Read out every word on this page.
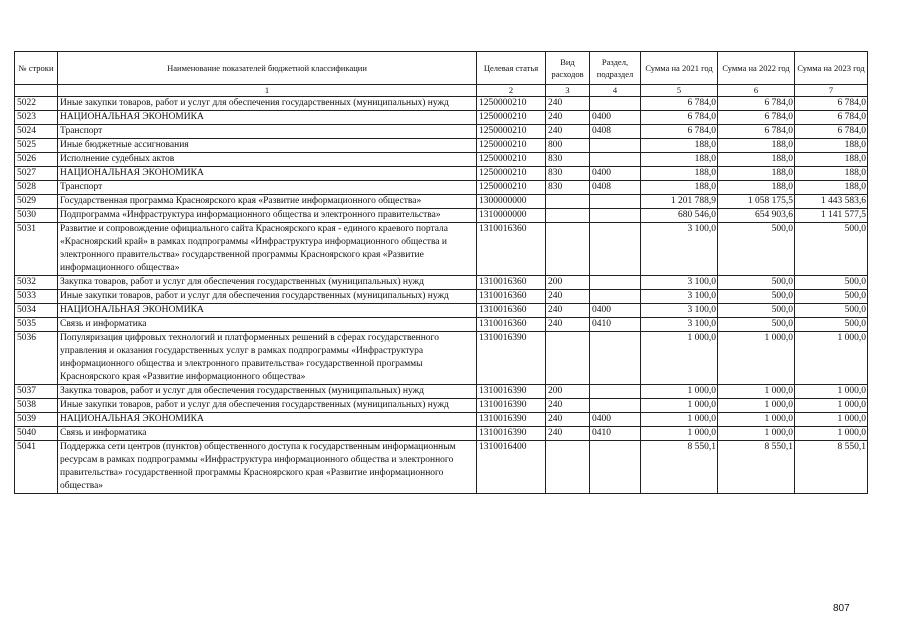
№ строки	Наименование показателей бюджетной классификации	Целевая статья	Вид расходов	Раздел, подраздел	Сумма на 2021 год	Сумма на 2022 год	Сумма на 2023 год
	1	2	3	4	5	6	7
5022	Иные закупки товаров, работ и услуг для обеспечения государственных (муниципальных) нужд	1250000210	240		6 784,0	6 784,0	6 784,0
5023	НАЦИОНАЛЬНАЯ ЭКОНОМИКА	1250000210	240	0400	6 784,0	6 784,0	6 784,0
5024	Транспорт	1250000210	240	0408	6 784,0	6 784,0	6 784,0
5025	Иные бюджетные ассигнования	1250000210	800		188,0	188,0	188,0
5026	Исполнение судебных актов	1250000210	830		188,0	188,0	188,0
5027	НАЦИОНАЛЬНАЯ ЭКОНОМИКА	1250000210	830	0400	188,0	188,0	188,0
5028	Транспорт	1250000210	830	0408	188,0	188,0	188,0
5029	Государственная программа Красноярского края «Развитие информационного общества»	1300000000			1 201 788,9	1 058 175,5	1 443 583,6
5030	Подпрограмма «Инфраструктура информационного общества и электронного правительства»	1310000000			680 546,0	654 903,6	1 141 577,5
5031	Развитие и сопровождение официального сайта Красноярского края - единого краевого портала «Красноярский край» в рамках подпрограммы «Инфраструктура информационного общества и электронного правительства» государственной программы Красноярского края «Развитие информационного общества»	1310016360			3 100,0	500,0	500,0
5032	Закупка товаров, работ и услуг для обеспечения государственных (муниципальных) нужд	1310016360	200		3 100,0	500,0	500,0
5033	Иные закупки товаров, работ и услуг для обеспечения государственных (муниципальных) нужд	1310016360	240		3 100,0	500,0	500,0
5034	НАЦИОНАЛЬНАЯ ЭКОНОМИКА	1310016360	240	0400	3 100,0	500,0	500,0
5035	Связь и информатика	1310016360	240	0410	3 100,0	500,0	500,0
5036	Популяризация цифровых технологий и платформенных решений в сферах государственного управления и оказания государственных услуг в рамках подпрограммы «Инфраструктура информационного общества и электронного правительства» государственной программы Красноярского края «Развитие информационного общества»	1310016390			1 000,0	1 000,0	1 000,0
5037	Закупка товаров, работ и услуг для обеспечения государственных (муниципальных) нужд	1310016390	200		1 000,0	1 000,0	1 000,0
5038	Иные закупки товаров, работ и услуг для обеспечения государственных (муниципальных) нужд	1310016390	240		1 000,0	1 000,0	1 000,0
5039	НАЦИОНАЛЬНАЯ ЭКОНОМИКА	1310016390	240	0400	1 000,0	1 000,0	1 000,0
5040	Связь и информатика	1310016390	240	0410	1 000,0	1 000,0	1 000,0
5041	Поддержка сети центров (пунктов) общественного доступа к государственным информационным ресурсам в рамках подпрограммы «Инфраструктура информационного общества и электронного правительства» государственной программы Красноярского края «Развитие информационного общества»	1310016400			8 550,1	8 550,1	8 550,1
807
